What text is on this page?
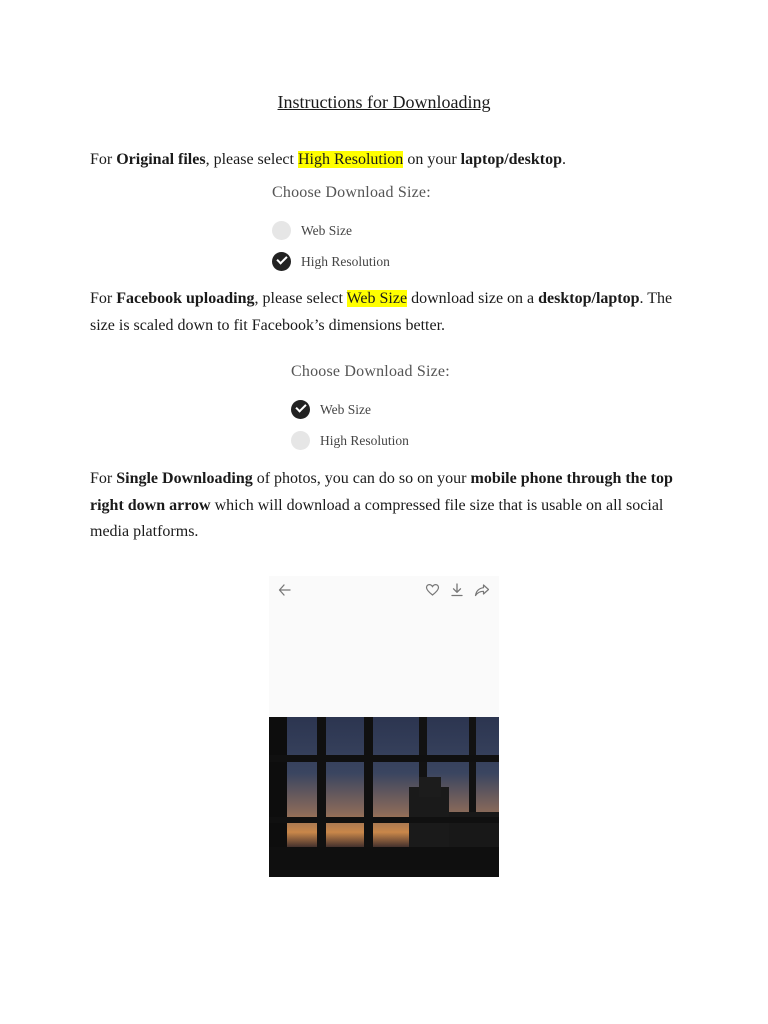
Instructions for Downloading
For Original files, please select High Resolution on your laptop/desktop.
Choose Download Size:
Web Size
High Resolution
For Facebook uploading, please select Web Size download size on a desktop/laptop. The size is scaled down to fit Facebook’s dimensions better.
Choose Download Size:
Web Size
High Resolution
For Single Downloading of photos, you can do so on your mobile phone through the top right down arrow which will download a compressed file size that is usable on all social media platforms.
